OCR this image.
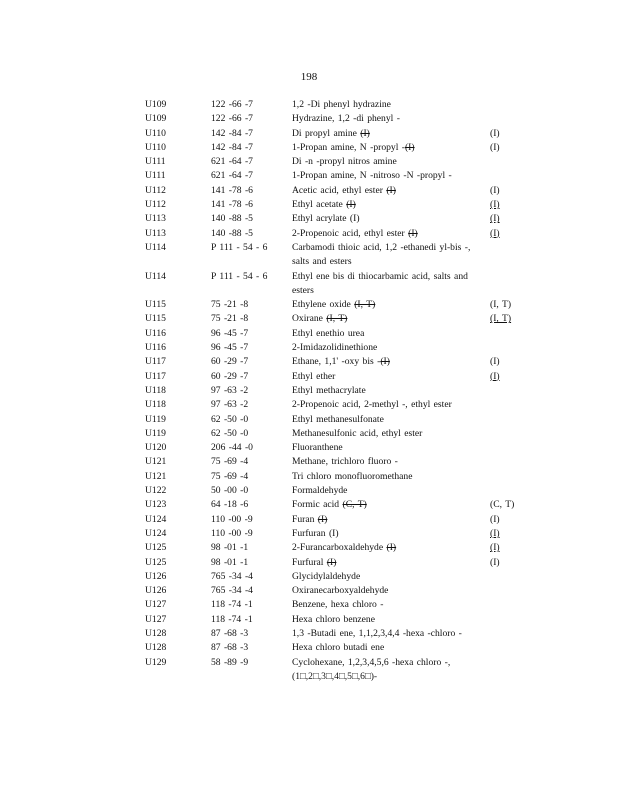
198
U109	122 -66 -7	1,2 -Di phenyl hydrazine
U109	122 -66 -7	Hydrazine, 1,2 -di phenyl -
U110	142 -84 -7	Di propyl amine (I)	(I)
U110	142 -84 -7	1-Propan amine, N -propyl -(I)	(I)
U111	621 -64 -7	Di -n -propyl nitros amine
U111	621 -64 -7	1-Propan amine, N -nitroso -N -propyl -
U112	141 -78 -6	Acetic acid, ethyl ester (I)	(I)
U112	141 -78 -6	Ethyl acetate (I)	(I)
U113	140 -88 -5	Ethyl acrylate (I)	(I)
U113	140 -88 -5	2-Propenoic acid, ethyl ester (I)	(I)
U114	P 111 - 54 - 6	Carbamodi thioic acid, 1,2 -ethanedi yl-bis -, salts and esters
U114	P 111 - 54 - 6	Ethyl ene bis di thiocarbamic acid, salts and esters
U115	75 -21 -8	Ethylene oxide (I, T)	(I, T)
U115	75 -21 -8	Oxirane (I, T)	(I, T)
U116	96 -45 -7	Ethyl enethio urea
U116	96 -45 -7	2-Imidazolidinethione
U117	60 -29 -7	Ethane, 1,1' -oxy bis -(I)	(I)
U117	60 -29 -7	Ethyl ether	(I)
U118	97 -63 -2	Ethyl methacrylate
U118	97 -63 -2	2-Propenoic acid, 2-methyl -, ethyl ester
U119	62 -50 -0	Ethyl methanesulfonate
U119	62 -50 -0	Methanesulfonic acid, ethyl ester
U120	206 -44 -0	Fluoranthene
U121	75 -69 -4	Methane, trichloro fluoro -
U121	75 -69 -4	Tri chloro monofluoromethane
U122	50 -00 -0	Formaldehyde
U123	64 -18 -6	Formic acid (C, T)	(C, T)
U124	110 -00 -9	Furan (I)	(I)
U124	110 -00 -9	Furfuran (I)	(I)
U125	98 -01 -1	2-Furancarboxaldehyde (I)	(I)
U125	98 -01 -1	Furfural (I)	(I)
U126	765 -34 -4	Glycidylaldehyde
U126	765 -34 -4	Oxiranecarboxyaldehyde
U127	118 -74 -1	Benzene, hexa chloro -
U127	118 -74 -1	Hexa chloro benzene
U128	87 -68 -3	1,3 -Butadi ene, 1,1,2,3,4,4 -hexa -chloro -
U128	87 -68 -3	Hexa chloro butadi ene
U129	58 -89 -9	Cyclohexane, 1,2,3,4,5,6 -hexa chloro -, (1□,2□,3□,4□,5□,6□)-
